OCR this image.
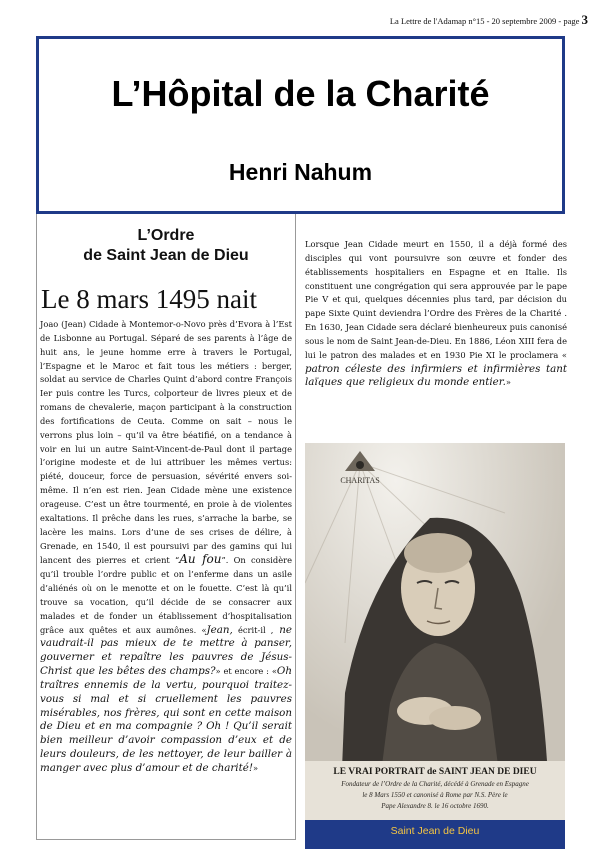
La Lettre de l'Adamap n°15 - 20 septembre 2009 - page 3
L’Hôpital de la Charité
Henri Nahum
L’Ordre
de Saint Jean de Dieu
Le 8 mars 1495 nait
Joao (Jean) Cidade à Montemor-o-Novo près d’Evora à l’Est de Lisbonne au Portugal. Séparé de ses parents à l’âge de huit ans, le jeune homme erre à travers le Portugal, l’Espagne et le Maroc et fait tous les métiers : berger, soldat au service de Charles Quint d’abord contre François Ier puis contre les Turcs, colporteur de livres pieux et de romans de chevalerie, maçon participant à la construction des fortifications de Ceuta. Comme on sait – nous le verrons plus loin – qu’il va être béatifié, on a tendance à voir en lui un autre Saint-Vincent-de-Paul dont il partage l’origine modeste et de lui attribuer les mêmes vertus: piété, douceur, force de persuasion, sévérité envers soi-même. Il n’en est rien. Jean Cidade mène une existence orageuse. C’est un être tourmenté, en proie à de violentes exaltations. Il prêche dans les rues, s’arrache la barbe, se lacère les mains. Lors d’une de ses crises de délire, à Grenade, en 1540, il est poursuivi par des gamins qui lui lancent des pierres et crient “Au fou”. On considère qu’il trouble l’ordre public et on l’enferme dans un asile d’aliénés où on le menotte et on le fouette. C’est là qu’il trouve sa vocation, qu’il décide de se consacrer aux malades et de fonder un établissement d’hospitalisation grâce aux quêtes et aux aumônes. «Jean, écrit-il , ne vaudrait-il pas mieux de te mettre à panser, gouverner et repaître les pauvres de Jésus-Christ que les bêtes des champs?» et encore : «Oh traîtres ennemis de la vertu, pourquoi traitez-vous si mal et si cruellement les pauvres misérables, nos frères, qui sont en cette maison de Dieu et en ma compagnie ? Oh ! Qu’il serait bien meilleur d’avoir compassion d’eux et de leurs douleurs, de les nettoyer, de leur bailler à manger avec plus d’amour et de charité!»
Lorsque Jean Cidade meurt en 1550, il a déjà formé des disciples qui vont poursuivre son œuvre et fonder des établissements hospitaliers en Espagne et en Italie. Ils constituent une congrégation qui sera approuvée par le pape Pie V et qui, quelques décennies plus tard, par décision du pape Sixte Quint deviendra l’Ordre des Frères de la Charité . En 1630, Jean Cidade sera déclaré bienheureux puis canonisé sous le nom de Saint Jean-de-Dieu. En 1886, Léon XIII fera de lui le patron des malades et en 1930 Pie XI le proclamera « patron céleste des infirmiers et infirmières tant laïques que religieux du monde entier.»
CHARITAS
LE VRAI PORTRAIT de SAINT JEAN DE DIEU
Fondateur de l’Ordre de la Charité, décédé à Grenade en Espagne
le 8 Mars 1550 et canonisé à Rome par N.S. Père le
Pape Alexandre 8. le 16 octobre 1690.
Saint Jean de Dieu
